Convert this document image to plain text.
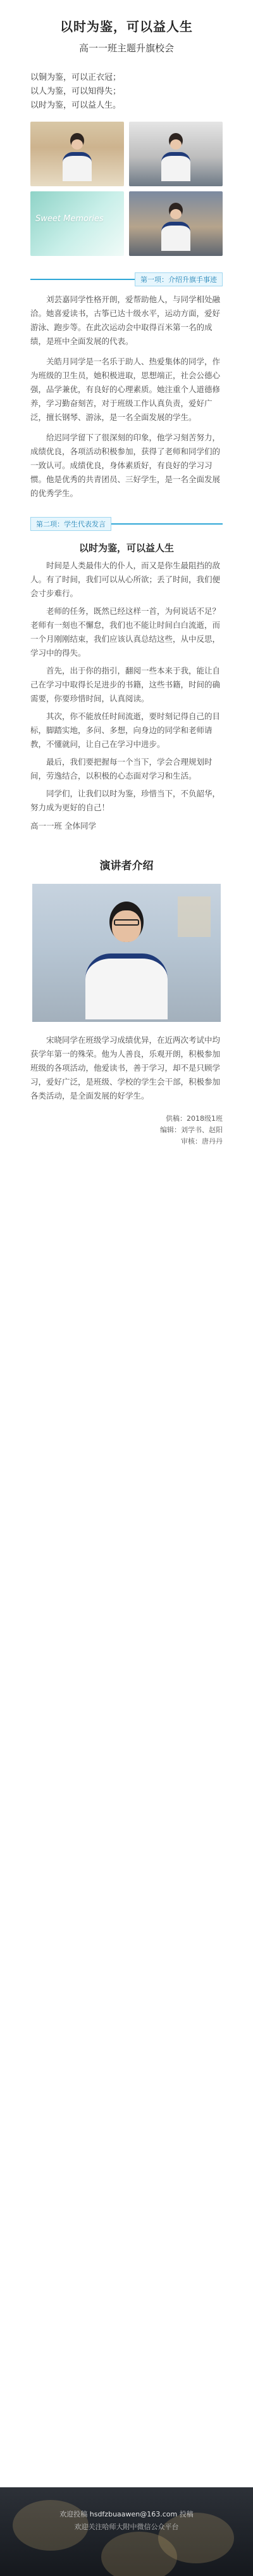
以时为鉴，可以益人生
高一一班主题升旗校会
以铜为鉴，可以正衣冠；
以人为鉴，可以知得失；
以时为鉴，可以益人生。
Sweet Memories
第一项：介绍升旗手事迹

刘芸嘉同学性格开朗，爱帮助他人，与同学相处融洽。她喜爱读书，古筝已达十级水平，运动方面，爱好游泳、跑步等。在此次运动会中取得百米第一名的成绩，是班中全面发展的代表。

关皓月同学是一名乐于助人、热爱集体的同学，作为班级的卫生员，她积极进取，思想端正，社会公德心强，品学兼优，有良好的心理素质。她注重个人道德修养，学习勤奋刻苦，对于班级工作认真负责，爱好广泛，擅长钢琴、游泳，是一名全面发展的学生。

给迟同学留下了很深刻的印象，他学习刻苦努力，成绩优良，各项活动积极参加，获得了老师和同学们的一致认可。成绩优良，身体素质好，有良好的学习习惯。他是优秀的共青团员、三好学生，是一名全面发展的优秀学生。

第二项：学生代表发言

以时为鉴，可以益人生

时间是人类最伟大的仆人，而又是你生最阻挡的敌人。有了时间，我们可以从心所欲；丢了时间，我们便会寸步难行。

老师的任务，既然已经这样一首，为何说话不足？老师有一刻也不懈怠，我们也不能让时间白白流逝，而一个月刚刚结束，我们应该认真总结这些，从中反思，学习中的得失。

首先，出于你的指引，翻阅一些本来于我，能让自己在学习中取得长足进步的书籍，这些书籍，时间的确需要，你要珍惜时间，认真阅读。

其次，你不能放任时间流逝，要时刻记得自己的目标，脚踏实地，多问、多想，向身边的同学和老师请教，不懂就问，让自己在学习中进步。

最后，我们要把握每一个当下，学会合理规划时间，劳逸结合，以积极的心态面对学习和生活。

同学们，让我们以时为鉴，珍惜当下，不负韶华，努力成为更好的自己！

高一一班 全体同学
演讲者介绍

宋晓同学在班级学习成绩优异，在近两次考试中均获学年第一的殊荣。他为人善良，乐观开朗，积极参加班级的各项活动，他爱读书，善于学习，却不是只顾学习，爱好广泛，是班级、学校的学生会干部，积极参加各类活动，是全面发展的好学生。

供稿：2018级1班
编辑：刘学书、赵阳
审核：唐丹丹
欢迎投稿 hsdfzbuaawen@163.com 投稿
欢迎关注哈师大附中微信公众平台
